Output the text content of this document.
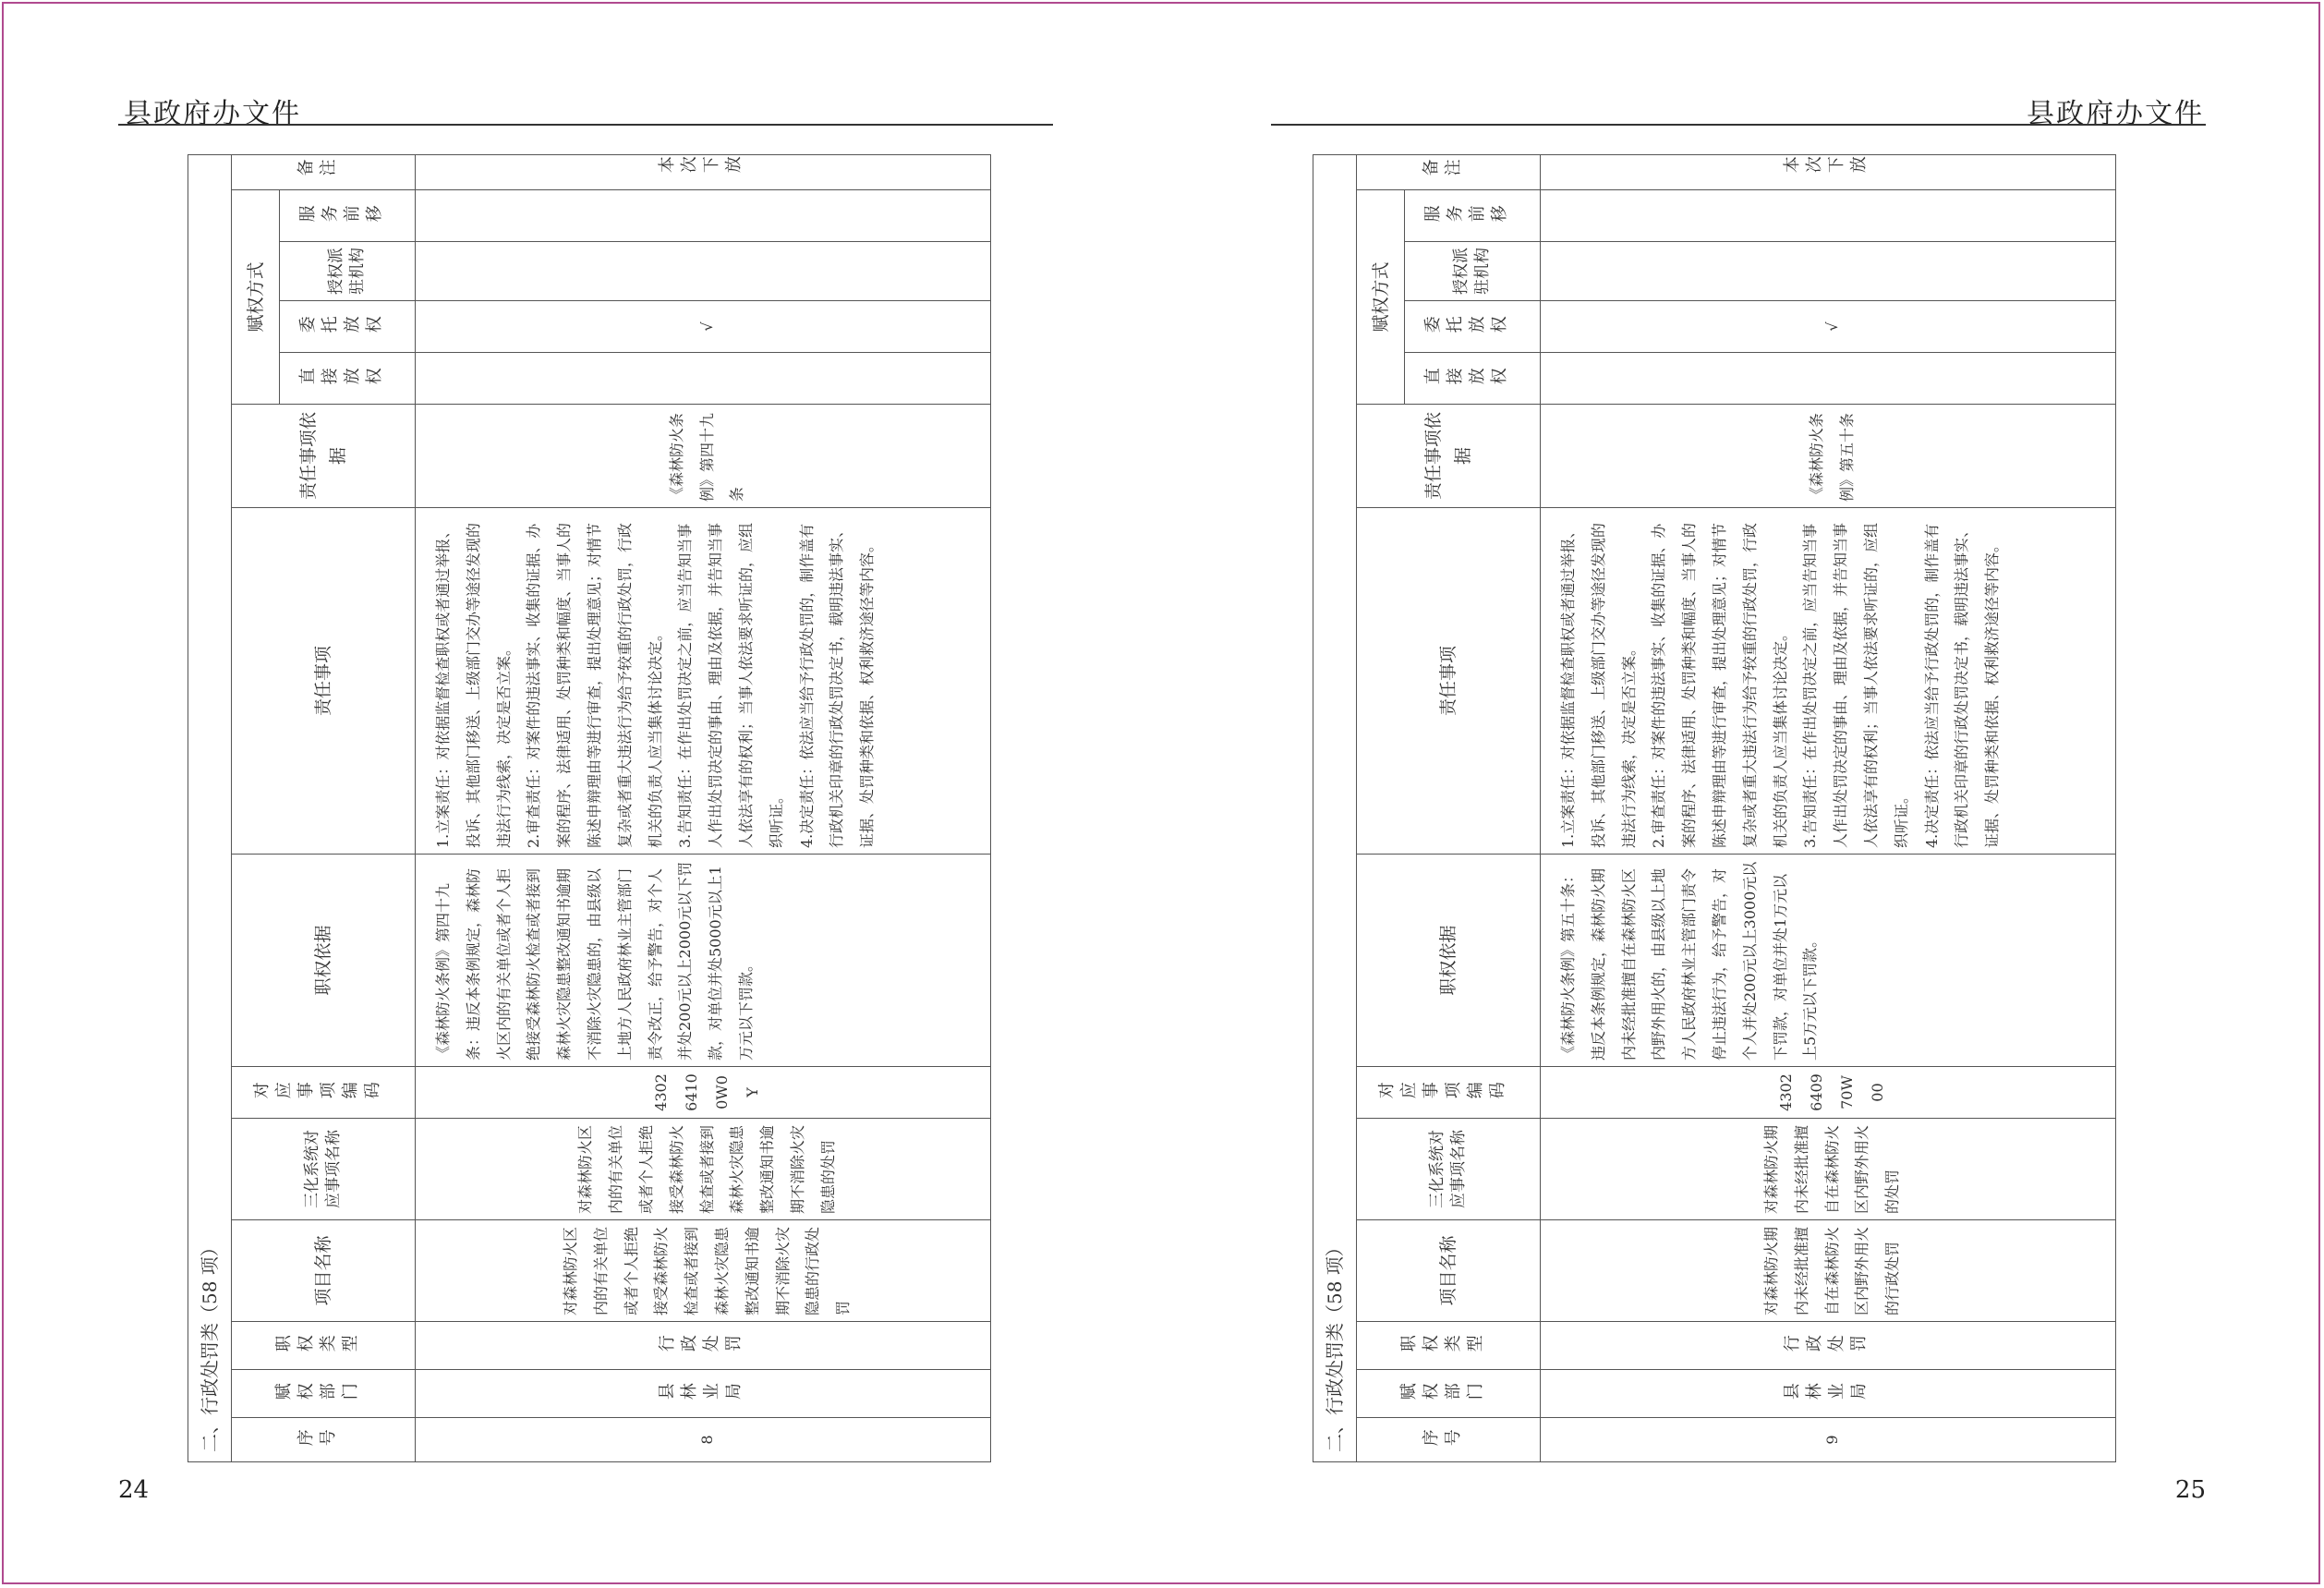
县政府办文件
二、行政处罚类（58 项）													
序号	赋权部门	职权类型	项目名称	三化系统对应事项名称	对应事项编码	职权依据	责任事项	责任事项依据	赋权方式				备注
									直接放权	委托放权	授权派驻机构	服务前移	
8	县林业局	行政处罚	对森林防火区内的有关单位或者个人拒绝接受森林防火检查或者接到森林火灾隐患整改通知书逾期不消除火灾隐患的行政处罚	对森林防火区内的有关单位或者个人拒绝接受森林防火检查或者接到森林火灾隐患整改通知书逾期不消除火灾隐患的处罚	430264100W0Y	《森林防火条例》第四十九条：违反本条例规定，森林防火区内的有关单位或者个人拒绝接受森林防火检查或者接到森林火灾隐患整改通知书逾期不消除火灾隐患的，由县级以上地方人民政府林业主管部门责令改正，给予警告，对个人并处200元以上2000元以下罚款，对单位并处5000元以上1万元以下罚款。	1.立案责任：对依据监督检查职权或者通过举报、投诉、其他部门移送、上级部门交办等途径发现的违法行为线索，决定是否立案。 2.审查责任：对案件的违法事实、收集的证据、办案的程序、法律适用、处罚种类和幅度、当事人的陈述申辩理由等进行审查，提出处理意见；对情节复杂或者重大违法行为给予较重的行政处罚，行政机关的负责人应当集体讨论决定。 3.告知责任：在作出处罚决定之前，应当告知当事人作出处罚决定的事由、理由及依据，并告知当事人依法享有的权利；当事人依法要求听证的，应组织听证。 4.决定责任：依法应当给予行政处罚的，制作盖有行政机关印章的行政处罚决定书，载明违法事实、证据、处罚种类和依据、权利救济途径等内容。	《森林防火条例》第四十九条		√			本次下放
24
县政府办文件
二、行政处罚类（58 项）													
序号	赋权部门	职权类型	项目名称	三化系统对应事项名称	对应事项编码	职权依据	责任事项	责任事项依据	赋权方式				备注
									直接放权	委托放权	授权派驻机构	服务前移	
9	县林业局	行政处罚	对森林防火期内未经批准擅自在森林防火区内野外用火的行政处罚	对森林防火期内未经批准擅自在森林防火区内野外用火的处罚	4302640970W00	《森林防火条例》第五十条：违反本条例规定，森林防火期内未经批准擅自在森林防火区内野外用火的，由县级以上地方人民政府林业主管部门责令停止违法行为，给予警告，对个人并处200元以上3000元以下罚款，对单位并处1万元以上5万元以下罚款。	1.立案责任：对依据监督检查职权或者通过举报、投诉、其他部门移送、上级部门交办等途径发现的违法行为线索，决定是否立案。 2.审查责任：对案件的违法事实、收集的证据、办案的程序、法律适用、处罚种类和幅度、当事人的陈述申辩理由等进行审查，提出处理意见；对情节复杂或者重大违法行为给予较重的行政处罚，行政机关的负责人应当集体讨论决定。 3.告知责任：在作出处罚决定之前，应当告知当事人作出处罚决定的事由、理由及依据，并告知当事人依法享有的权利；当事人依法要求听证的，应组织听证。 4.决定责任：依法应当给予行政处罚的，制作盖有行政机关印章的行政处罚决定书，载明违法事实、证据、处罚种类和依据、权利救济途径等内容。	《森林防火条例》第五十条		√			本次下放
25
